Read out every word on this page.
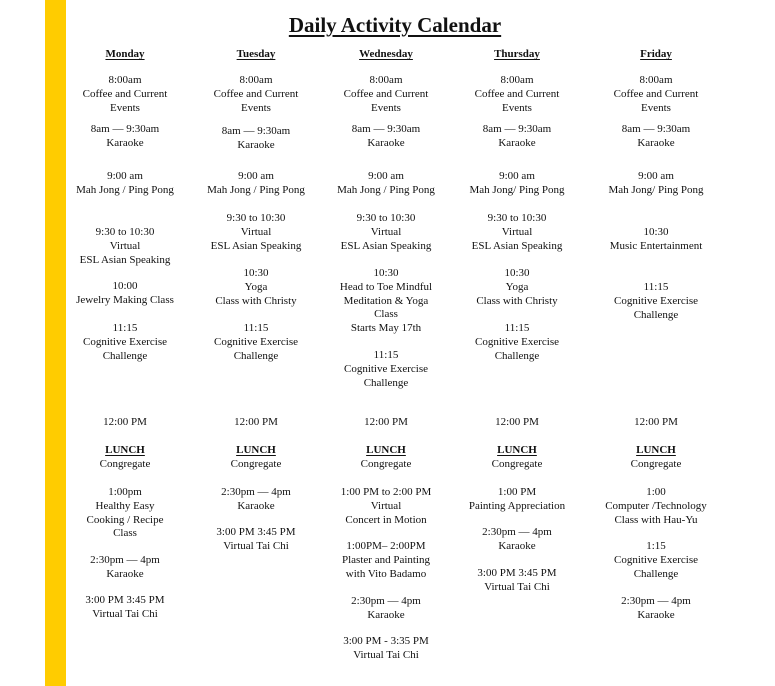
Daily Activity Calendar
Monday
8:00am
Coffee and Current
Events
8am — 9:30am
Karaoke
9:00 am
Mah Jong / Ping Pong
9:30 to 10:30
Virtual
ESL Asian Speaking
10:00
Jewelry Making Class
11:15
Cognitive Exercise
Challenge
12:00 PM
LUNCH
Congregate
1:00pm
Healthy Easy
Cooking / Recipe
Class
2:30pm — 4pm
Karaoke
3:00 PM 3:45 PM
Virtual Tai Chi
Tuesday
8:00am
Coffee and Current
Events
8am — 9:30am
Karaoke
9:00 am
Mah Jong / Ping Pong
9:30 to 10:30
Virtual
ESL Asian Speaking
10:30
Yoga
Class with Christy
11:15
Cognitive Exercise
Challenge
12:00 PM
LUNCH
Congregate
2:30pm — 4pm
Karaoke
3:00 PM 3:45 PM
Virtual Tai Chi
Wednesday
8:00am
Coffee and Current
Events
8am — 9:30am
Karaoke
9:00 am
Mah Jong / Ping Pong
9:30 to 10:30
Virtual
ESL Asian Speaking
10:30
Head to Toe Mindful
Meditation & Yoga
Class
Starts May 17th
11:15
Cognitive Exercise
Challenge
12:00 PM
LUNCH
Congregate
1:00 PM to 2:00 PM
Virtual
Concert in Motion
1:00PM– 2:00PM
Plaster and Painting
with Vito Badamo
2:30pm — 4pm
Karaoke
3:00 PM - 3:35 PM
Virtual Tai Chi
Thursday
8:00am
Coffee and Current
Events
8am — 9:30am
Karaoke
9:00 am
Mah Jong/ Ping Pong
9:30 to 10:30
Virtual
ESL Asian Speaking
10:30
Yoga
Class with Christy
11:15
Cognitive Exercise
Challenge
12:00 PM
LUNCH
Congregate
1:00 PM
Painting Appreciation
2:30pm — 4pm
Karaoke
3:00 PM 3:45 PM
Virtual Tai Chi
Friday
8:00am
Coffee and Current
Events
8am — 9:30am
Karaoke
9:00 am
Mah Jong/ Ping Pong
10:30
Music Entertainment
11:15
Cognitive Exercise
Challenge
12:00 PM
LUNCH
Congregate
1:00
Computer /Technology
Class with Hau-Yu
1:15
Cognitive Exercise
Challenge
2:30pm — 4pm
Karaoke
